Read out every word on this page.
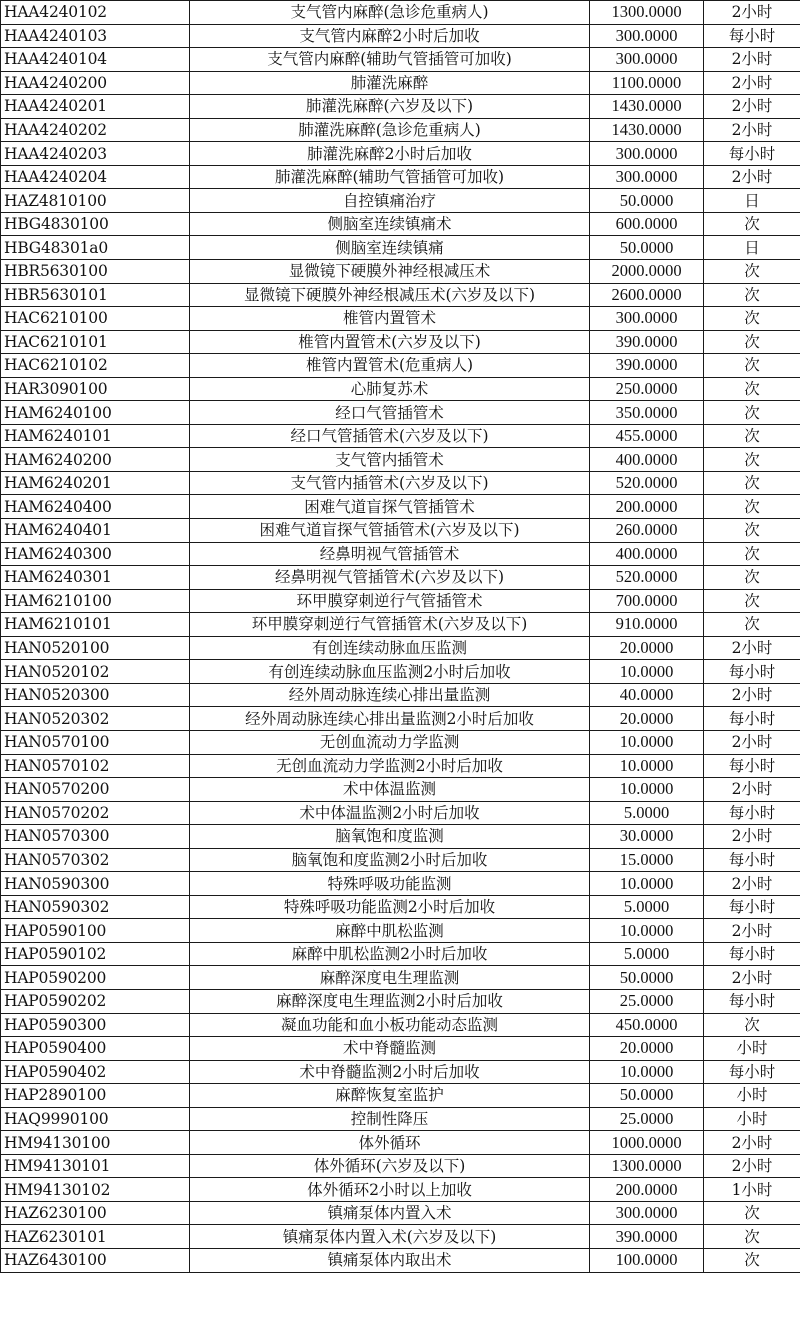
HAA4240102	支气管内麻醉(急诊危重病人)	1300.0000	2小时
HAA4240103	支气管内麻醉2小时后加收	300.0000	每小时
HAA4240104	支气管内麻醉(辅助气管插管可加收)	300.0000	2小时
HAA4240200	肺灌洗麻醉	1100.0000	2小时
HAA4240201	肺灌洗麻醉(六岁及以下)	1430.0000	2小时
HAA4240202	肺灌洗麻醉(急诊危重病人)	1430.0000	2小时
HAA4240203	肺灌洗麻醉2小时后加收	300.0000	每小时
HAA4240204	肺灌洗麻醉(辅助气管插管可加收)	300.0000	2小时
HAZ4810100	自控镇痛治疗	50.0000	日
HBG4830100	侧脑室连续镇痛术	600.0000	次
HBG48301a0	侧脑室连续镇痛	50.0000	日
HBR5630100	显微镜下硬膜外神经根减压术	2000.0000	次
HBR5630101	显微镜下硬膜外神经根减压术(六岁及以下)	2600.0000	次
HAC6210100	椎管内置管术	300.0000	次
HAC6210101	椎管内置管术(六岁及以下)	390.0000	次
HAC6210102	椎管内置管术(危重病人)	390.0000	次
HAR3090100	心肺复苏术	250.0000	次
HAM6240100	经口气管插管术	350.0000	次
HAM6240101	经口气管插管术(六岁及以下)	455.0000	次
HAM6240200	支气管内插管术	400.0000	次
HAM6240201	支气管内插管术(六岁及以下)	520.0000	次
HAM6240400	困难气道盲探气管插管术	200.0000	次
HAM6240401	困难气道盲探气管插管术(六岁及以下)	260.0000	次
HAM6240300	经鼻明视气管插管术	400.0000	次
HAM6240301	经鼻明视气管插管术(六岁及以下)	520.0000	次
HAM6210100	环甲膜穿刺逆行气管插管术	700.0000	次
HAM6210101	环甲膜穿刺逆行气管插管术(六岁及以下)	910.0000	次
HAN0520100	有创连续动脉血压监测	20.0000	2小时
HAN0520102	有创连续动脉血压监测2小时后加收	10.0000	每小时
HAN0520300	经外周动脉连续心排出量监测	40.0000	2小时
HAN0520302	经外周动脉连续心排出量监测2小时后加收	20.0000	每小时
HAN0570100	无创血流动力学监测	10.0000	2小时
HAN0570102	无创血流动力学监测2小时后加收	10.0000	每小时
HAN0570200	术中体温监测	10.0000	2小时
HAN0570202	术中体温监测2小时后加收	5.0000	每小时
HAN0570300	脑氧饱和度监测	30.0000	2小时
HAN0570302	脑氧饱和度监测2小时后加收	15.0000	每小时
HAN0590300	特殊呼吸功能监测	10.0000	2小时
HAN0590302	特殊呼吸功能监测2小时后加收	5.0000	每小时
HAP0590100	麻醉中肌松监测	10.0000	2小时
HAP0590102	麻醉中肌松监测2小时后加收	5.0000	每小时
HAP0590200	麻醉深度电生理监测	50.0000	2小时
HAP0590202	麻醉深度电生理监测2小时后加收	25.0000	每小时
HAP0590300	凝血功能和血小板功能动态监测	450.0000	次
HAP0590400	术中脊髓监测	20.0000	小时
HAP0590402	术中脊髓监测2小时后加收	10.0000	每小时
HAP2890100	麻醉恢复室监护	50.0000	小时
HAQ9990100	控制性降压	25.0000	小时
HM94130100	体外循环	1000.0000	2小时
HM94130101	体外循环(六岁及以下)	1300.0000	2小时
HM94130102	体外循环2小时以上加收	200.0000	1小时
HAZ6230100	镇痛泵体内置入术	300.0000	次
HAZ6230101	镇痛泵体内置入术(六岁及以下)	390.0000	次
HAZ6430100	镇痛泵体内取出术	100.0000	次
